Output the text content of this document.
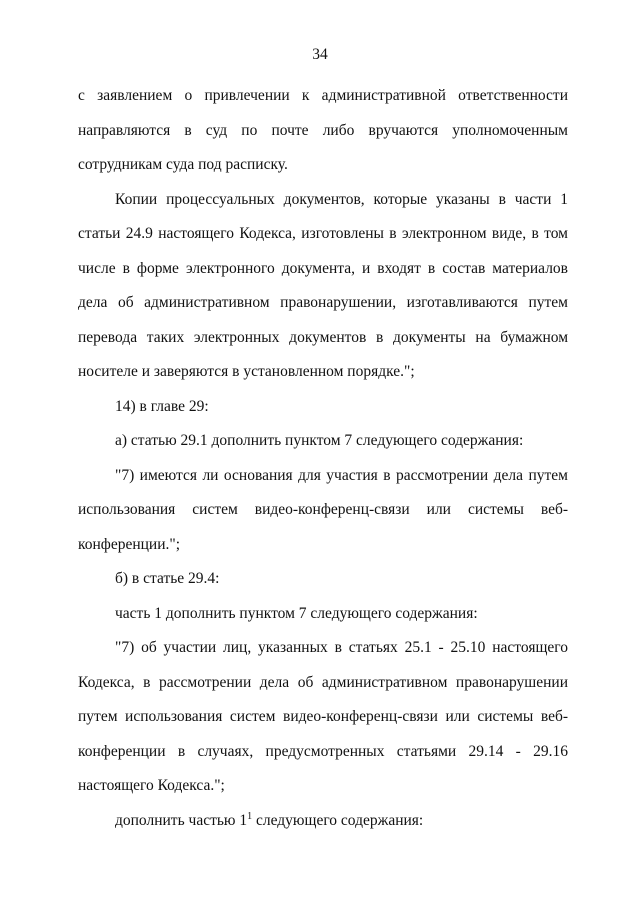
34

с заявлением о привлечении к административной ответственности направляются в суд по почте либо вручаются уполномоченным сотрудникам суда под расписку.

Копии процессуальных документов, которые указаны в части 1 статьи 24.9 настоящего Кодекса, изготовлены в электронном виде, в том числе в форме электронного документа, и входят в состав материалов дела об административном правонарушении, изготавливаются путем перевода таких электронных документов в документы на бумажном носителе и заверяются в установленном порядке.";

14) в главе 29:

а) статью 29.1 дополнить пунктом 7 следующего содержания:

"7) имеются ли основания для участия в рассмотрении дела путем использования систем видео-конференц-связи или системы веб-конференции.";

б) в статье 29.4:

часть 1 дополнить пунктом 7 следующего содержания:

"7) об участии лиц, указанных в статьях 25.1 - 25.10 настоящего Кодекса, в рассмотрении дела об административном правонарушении путем использования систем видео-конференц-связи или системы веб-конференции в случаях, предусмотренных статьями 29.14 - 29.16 настоящего Кодекса.";

дополнить частью $1^1$ следующего содержания:
